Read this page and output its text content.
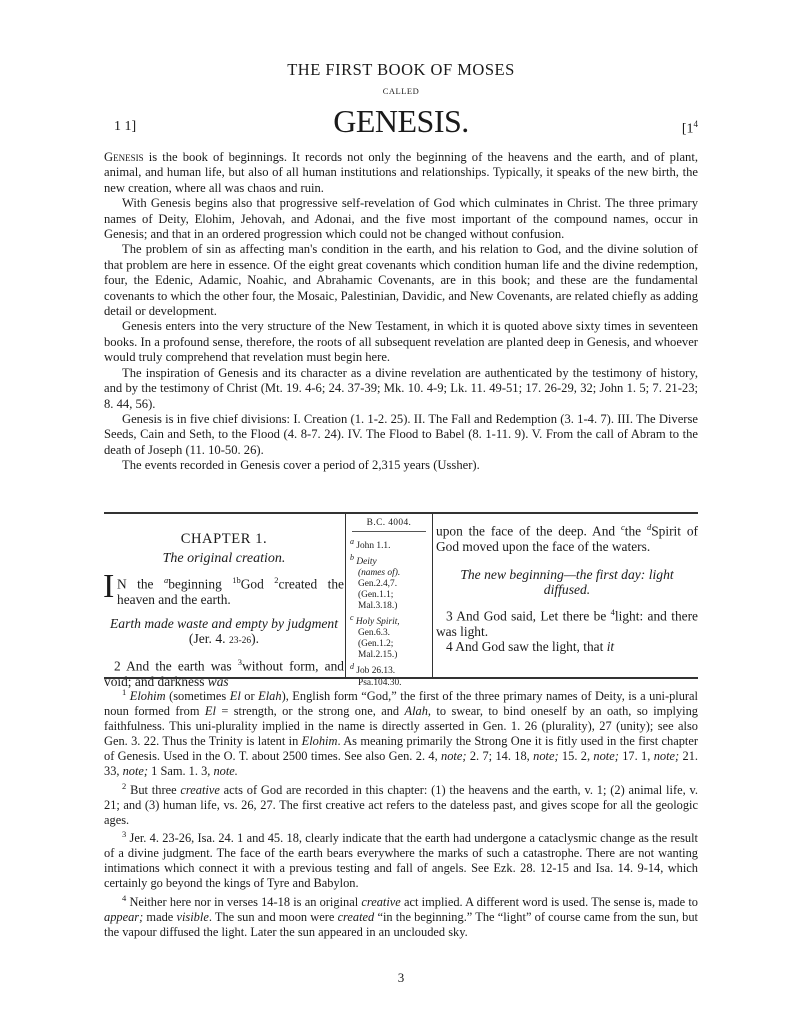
THE FIRST BOOK OF MOSES
CALLED
1 1]	GENESIS.	[$1^4$

Genesis is the book of beginnings. It records not only the beginning of the heavens and the earth, and of plant, animal, and human life, but also of all human institutions and relationships. Typically, it speaks of the new birth, the new creation, where all was chaos and ruin.

With Genesis begins also that progressive self-revelation of God which culminates in Christ. The three primary names of Deity, Elohim, Jehovah, and Adonai, and the five most important of the compound names, occur in Genesis; and that in an ordered progression which could not be changed without confusion.

The problem of sin as affecting man's condition in the earth, and his relation to God, and the divine solution of that problem are here in essence. Of the eight great covenants which condition human life and the divine redemption, four, the Edenic, Adamic, Noahic, and Abrahamic Covenants, are in this book; and these are the fundamental covenants to which the other four, the Mosaic, Palestinian, Davidic, and New Covenants, are related chiefly as adding detail or development.

Genesis enters into the very structure of the New Testament, in which it is quoted above sixty times in seventeen books. In a profound sense, therefore, the roots of all subsequent revelation are planted deep in Genesis, and whoever would truly comprehend that revelation must begin here.

The inspiration of Genesis and its character as a divine revelation are authenticated by the testimony of history, and by the testimony of Christ (Mt. 19. 4-6; 24. 37-39; Mk. 10. 4-9; Lk. 11. 49-51; 17. 26-29, 32; John 1. 5; 7. 21-23; 8. 44, 56).

Genesis is in five chief divisions: I. Creation (1. 1-2. 25). II. The Fall and Redemption (3. 1-4. 7). III. The Diverse Seeds, Cain and Seth, to the Flood (4. 8-7. 24). IV. The Flood to Babel (8. 1-11. 9). V. From the call of Abram to the death of Joseph (11. 10-50. 26).

The events recorded in Genesis cover a period of 2,315 years (Ussher).

CHAPTER 1.
The original creation.
I N the $^a$beginning $^{1b}$God $^2$created the heaven and the earth.
Earth made waste and empty by judgment (Jer. 4. 23-26).
2 And the earth was $^3$without form, and void; and darkness was
B.C. 4004.
$^a$ John 1.1.
$^b$ Deity
(names of).
Gen.2.4,7.
(Gen.1.1;
Mal.3.18.)
$^c$ Holy Spirit,
Gen.6.3.
(Gen.1.2;
Mal.2.15.)
$^d$ Job 26.13.
Psa.104.30.
upon the face of the deep. And $^c$the $^d$Spirit of God moved upon the face of the waters.
The new beginning—the first day: light diffused.
3 And God said, Let there be $^4$light: and there was light.
4 And God saw the light, that it

$^1$ Elohim (sometimes El or Elah), English form “God,” the first of the three primary names of Deity, is a uni-plural noun formed from El = strength, or the strong one, and Alah, to swear, to bind oneself by an oath, so implying faithfulness. This uni-plurality implied in the name is directly asserted in Gen. 1. 26 (plurality), 27 (unity); see also Gen. 3. 22. Thus the Trinity is latent in Elohim. As meaning primarily the Strong One it is fitly used in the first chapter of Genesis. Used in the O. T. about 2500 times. See also Gen. 2. 4, note; 2. 7; 14. 18, note; 15. 2, note; 17. 1, note; 21. 33, note; 1 Sam. 1. 3, note.

$^2$ But three creative acts of God are recorded in this chapter: (1) the heavens and the earth, v. 1; (2) animal life, v. 21; and (3) human life, vs. 26, 27. The first creative act refers to the dateless past, and gives scope for all the geologic ages.

$^3$ Jer. 4. 23-26, Isa. 24. 1 and 45. 18, clearly indicate that the earth had undergone a cataclysmic change as the result of a divine judgment. The face of the earth bears everywhere the marks of such a catastrophe. There are not wanting intimations which connect it with a previous testing and fall of angels. See Ezk. 28. 12-15 and Isa. 14. 9-14, which certainly go beyond the kings of Tyre and Babylon.

$^4$ Neither here nor in verses 14-18 is an original creative act implied. A different word is used. The sense is, made to appear; made visible. The sun and moon were created “in the beginning.” The “light” of course came from the sun, but the vapour diffused the light. Later the sun appeared in an unclouded sky.

3
